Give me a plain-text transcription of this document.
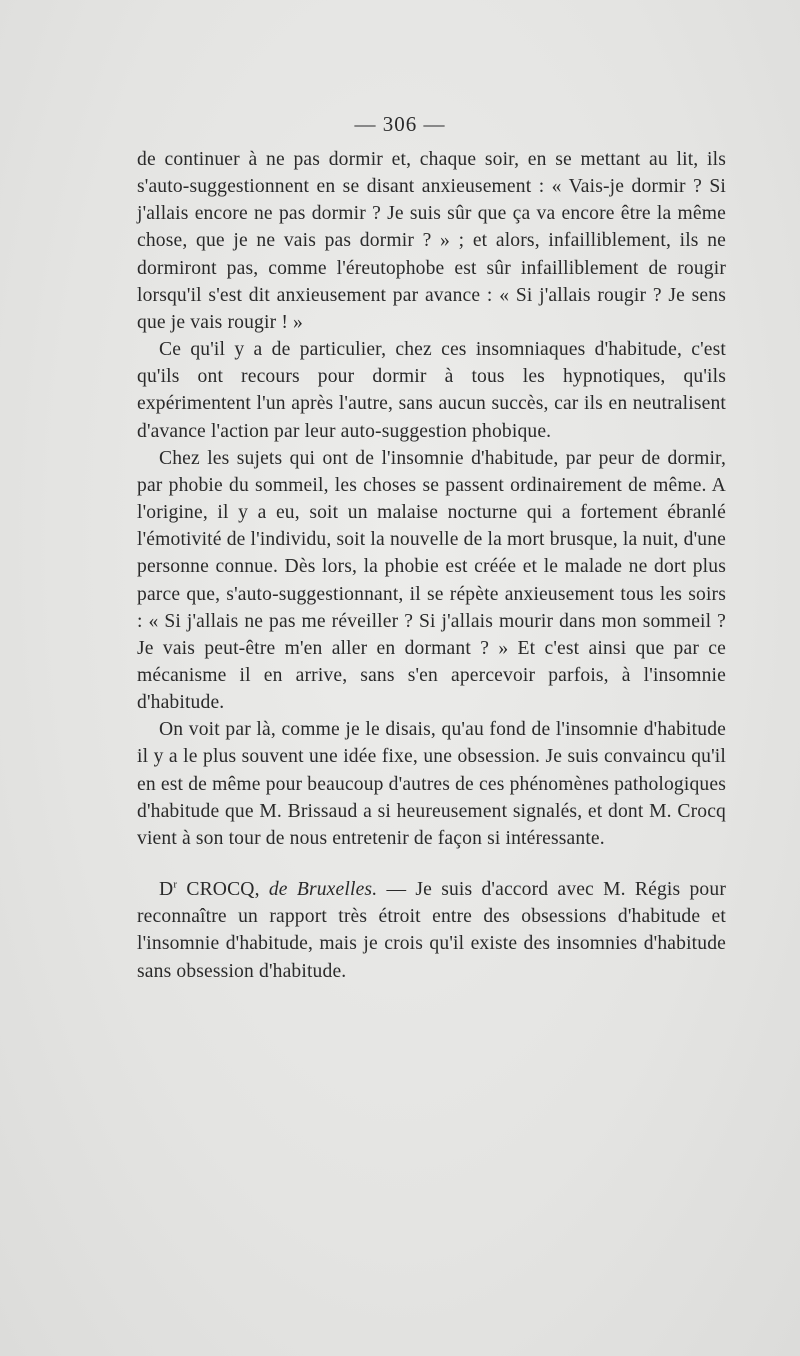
— 306 —

de continuer à ne pas dormir et, chaque soir, en se mettant au lit, ils s'auto-suggestionnent en se disant anxieusement : « Vais-je dormir ? Si j'allais encore ne pas dormir ? Je suis sûr que ça va encore être la même chose, que je ne vais pas dormir ? » ; et alors, infailliblement, ils ne dormiront pas, comme l'éreutophobe est sûr infailliblement de rougir lorsqu'il s'est dit anxieusement par avance : « Si j'allais rougir ? Je sens que je vais rougir ! »

Ce qu'il y a de particulier, chez ces insomniaques d'habitude, c'est qu'ils ont recours pour dormir à tous les hypnotiques, qu'ils expérimentent l'un après l'autre, sans aucun succès, car ils en neutralisent d'avance l'action par leur auto-suggestion phobique.

Chez les sujets qui ont de l'insomnie d'habitude, par peur de dormir, par phobie du sommeil, les choses se passent ordinairement de même. A l'origine, il y a eu, soit un malaise nocturne qui a fortement ébranlé l'émotivité de l'individu, soit la nouvelle de la mort brusque, la nuit, d'une personne connue. Dès lors, la phobie est créée et le malade ne dort plus parce que, s'auto-suggestionnant, il se répète anxieusement tous les soirs : « Si j'allais ne pas me réveiller ? Si j'allais mourir dans mon sommeil ? Je vais peut-être m'en aller en dormant ? » Et c'est ainsi que par ce mécanisme il en arrive, sans s'en apercevoir parfois, à l'insomnie d'habitude.

On voit par là, comme je le disais, qu'au fond de l'insomnie d'habitude il y a le plus souvent une idée fixe, une obsession. Je suis convaincu qu'il en est de même pour beaucoup d'autres de ces phénomènes pathologiques d'habitude que M. Brissaud a si heureusement signalés, et dont M. Crocq vient à son tour de nous entretenir de façon si intéressante.

$D^r$ CROCQ, de Bruxelles. — Je suis d'accord avec M. Régis pour reconnaître un rapport très étroit entre des obsessions d'habitude et l'insomnie d'habitude, mais je crois qu'il existe des insomnies d'habitude sans obsession d'habitude.
